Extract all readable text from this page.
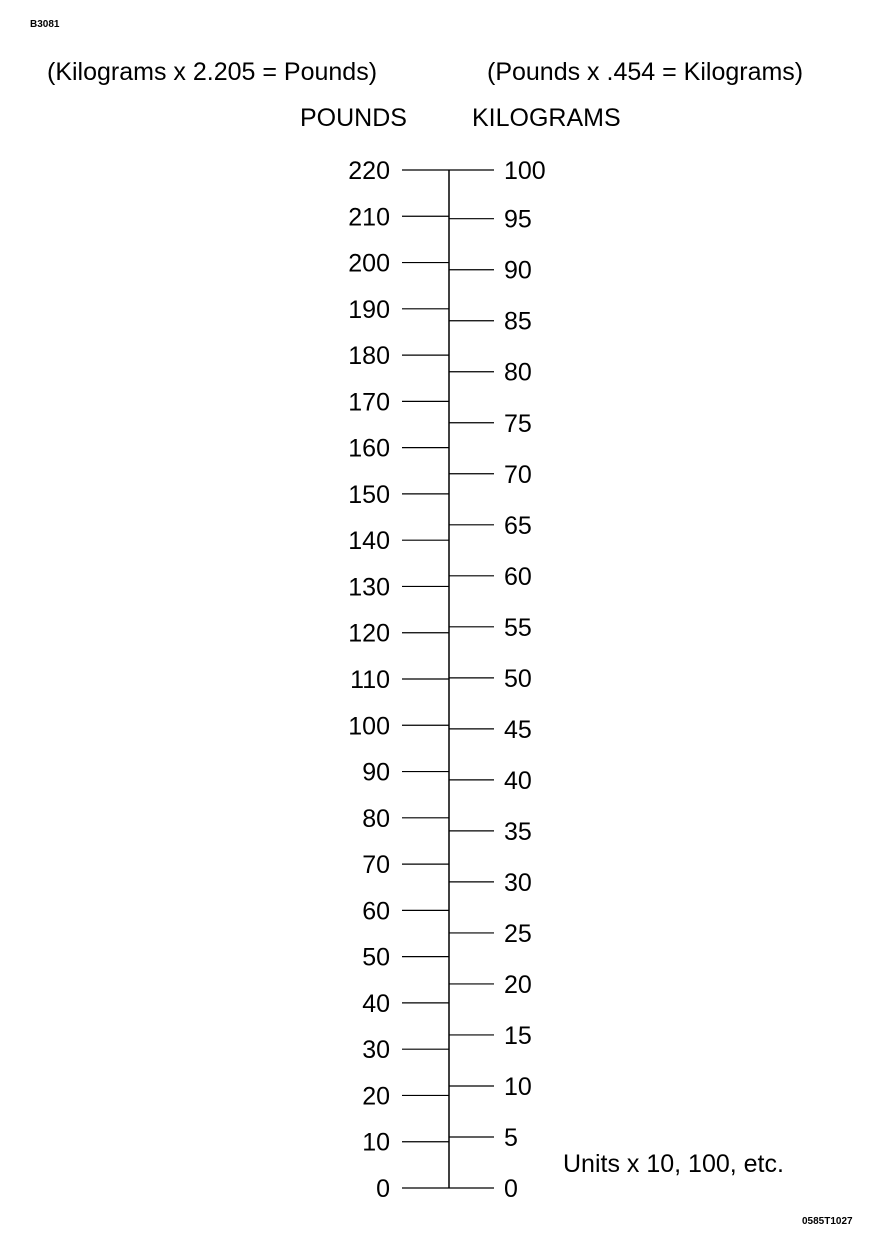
B3081
(Kilograms x 2.205 = Pounds)	(Pounds x .454 = Kilograms)
POUNDS	KILOGRAMS
0
10
20
30
40
50
60
70
80
90
100
110
120
130
140
150
160
170
180
190
200
210
220
0
5
10
15
20
25
30
35
40
45
50
55
60
65
70
75
80
85
90
95
100
Units x 10, 100, etc.
0585T1027
